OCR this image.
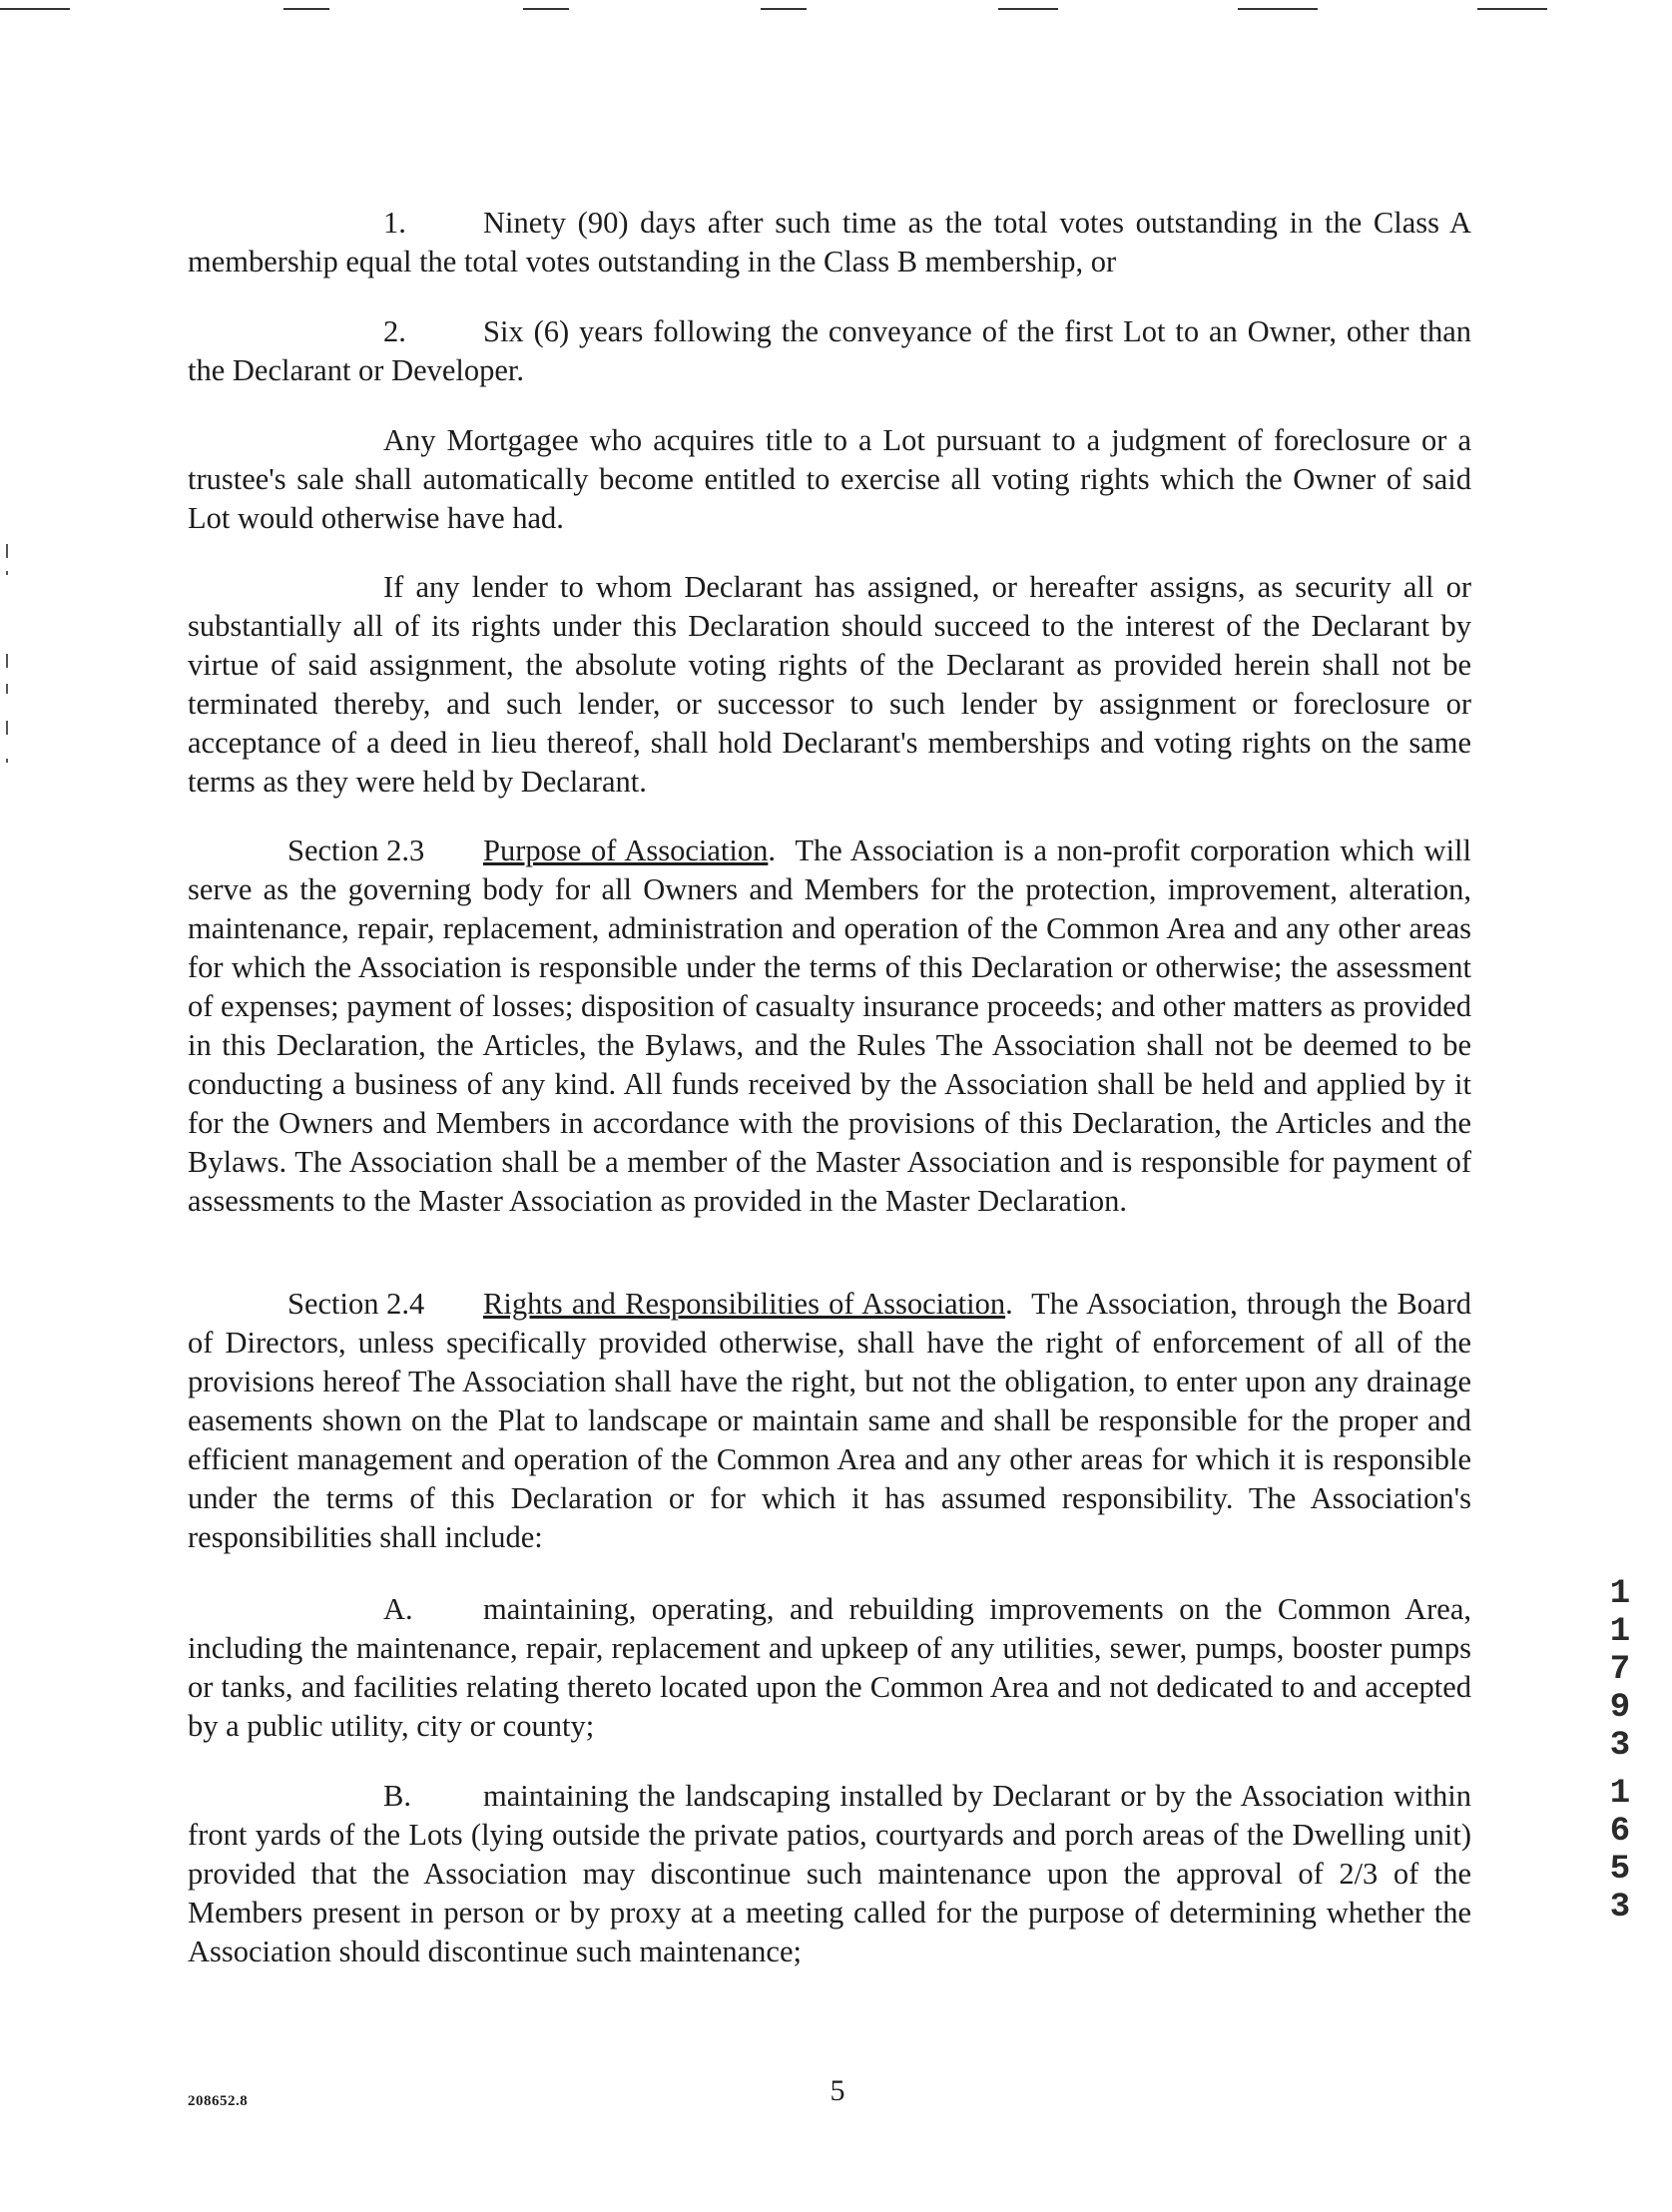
1.	Ninety (90) days after such time as the total votes outstanding in the Class A membership equal the total votes outstanding in the Class B membership, or
2.	Six (6) years following the conveyance of the first Lot to an Owner, other than the Declarant or Developer.
Any Mortgagee who acquires title to a Lot pursuant to a judgment of foreclosure or a trustee's sale shall automatically become entitled to exercise all voting rights which the Owner of said Lot would otherwise have had.
If any lender to whom Declarant has assigned, or hereafter assigns, as security all or substantially all of its rights under this Declaration should succeed to the interest of the Declarant by virtue of said assignment, the absolute voting rights of the Declarant as provided herein shall not be terminated thereby, and such lender, or successor to such lender by assignment or foreclosure or acceptance of a deed in lieu thereof, shall hold Declarant's memberships and voting rights on the same terms as they were held by Declarant.
Section 2.3 Purpose of Association.  The Association is a non-profit corporation which will serve as the governing body for all Owners and Members for the protection, improvement, alteration, maintenance, repair, replacement, administration and operation of the Common Area and any other areas for which the Association is responsible under the terms of this Declaration or otherwise; the assessment of expenses; payment of losses; disposition of casualty insurance proceeds; and other matters as provided in this Declaration, the Articles, the Bylaws, and the Rules The Association shall not be deemed to be conducting a business of any kind. All funds received by the Association shall be held and applied by it for the Owners and Members in accordance with the provisions of this Declaration, the Articles and the Bylaws. The Association shall be a member of the Master Association and is responsible for payment of assessments to the Master Association as provided in the Master Declaration.
Section 2.4 Rights and Responsibilities of Association.  The Association, through the Board of Directors, unless specifically provided otherwise, shall have the right of enforcement of all of the provisions hereof The Association shall have the right, but not the obligation, to enter upon any drainage easements shown on the Plat to landscape or maintain same and shall be responsible for the proper and efficient management and operation of the Common Area and any other areas for which it is responsible under the terms of this Declaration or for which it has assumed responsibility. The Association's responsibilities shall include:
A. maintaining, operating, and rebuilding improvements on the Common Area, including the maintenance, repair, replacement and upkeep of any utilities, sewer, pumps, booster pumps or tanks, and facilities relating thereto located upon the Common Area and not dedicated to and accepted by a public utility, city or county;
B. maintaining the landscaping installed by Declarant or by the Association within front yards of the Lots (lying outside the private patios, courtyards and porch areas of the Dwelling unit) provided that the Association may discontinue such maintenance upon the approval of 2/3 of the Members present in person or by proxy at a meeting called for the purpose of determining whether the Association should discontinue such maintenance;
1
1
7
9
3
1
6
5
3
208652.8	5
